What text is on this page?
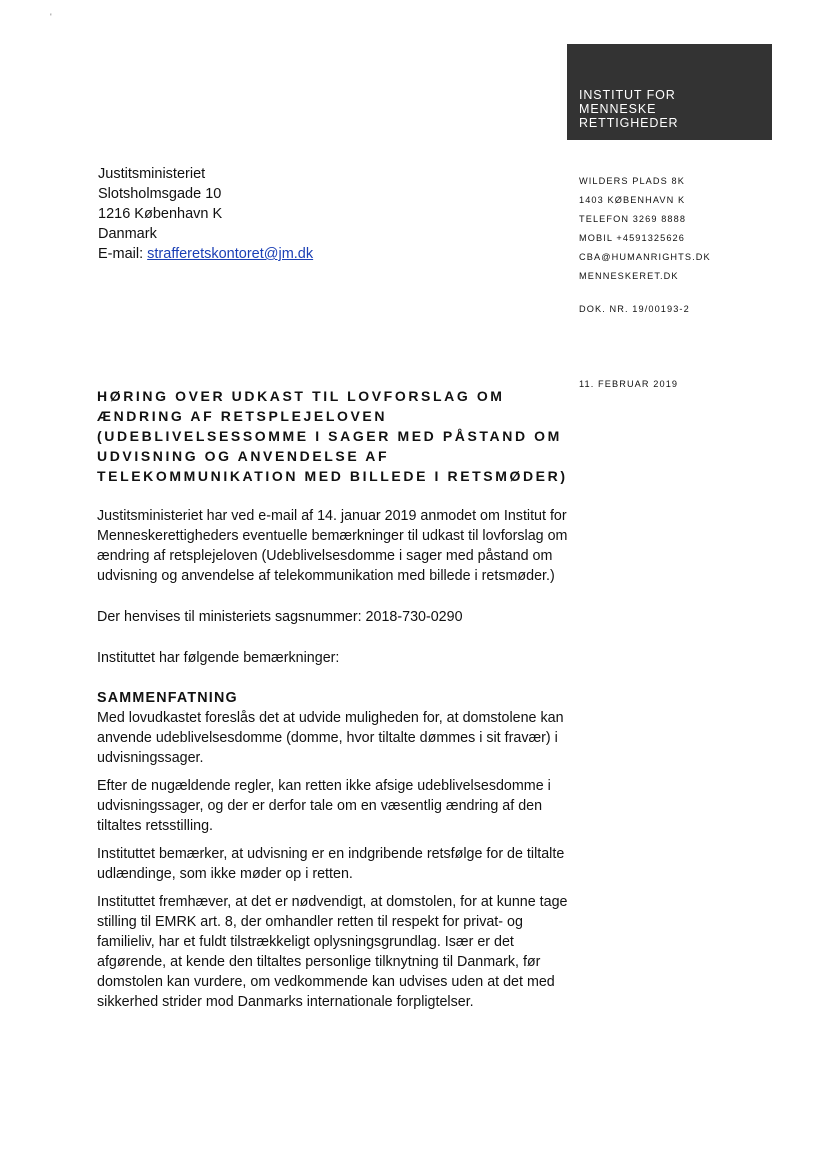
'
INSTITUT FOR
MENNESKE
RETTIGHEDER
Justitsministeriet
Slotsholmsgade 10
1216 København K
Danmark
E-mail: strafferetskontoret@jm.dk
WILDERS PLADS 8K
1403 KØBENHAVN K
TELEFON 3269 8888
MOBIL +4591325626
CBA@HUMANRIGHTS.DK
MENNESKERET.DK
DOK. NR. 19/00193-2
11. FEBRUAR 2019
HØRING OVER UDKAST TIL LOVFORSLAG OM
ÆNDRING AF RETSPLEJELOVEN
(UDEBLIVELSESSOMME I SAGER MED PÅSTAND OM
UDVISNING OG ANVENDELSE AF
TELEKOMMUNIKATION MED BILLEDE I RETSMØDER)

Justitsministeriet har ved e-mail af 14. januar 2019 anmodet om Institut for Menneskerettigheders eventuelle bemærkninger til udkast til lovforslag om ændring af retsplejeloven (Udeblivelsesdomme i sager med påstand om udvisning og anvendelse af telekommunikation med billede i retsmøder.)

Der henvises til ministeriets sagsnummer: 2018-730-0290

Instituttet har følgende bemærkninger:

SAMMENFATNING

Med lovudkastet foreslås det at udvide muligheden for, at domstolene kan anvende udeblivelsesdomme (domme, hvor tiltalte dømmes i sit fravær) i udvisningssager.

Efter de nugældende regler, kan retten ikke afsige udeblivelsesdomme i udvisningssager, og der er derfor tale om en væsentlig ændring af den tiltaltes retsstilling.

Instituttet bemærker, at udvisning er en indgribende retsfølge for de tiltalte udlændinge, som ikke møder op i retten.

Instituttet fremhæver, at det er nødvendigt, at domstolen, for at kunne tage stilling til EMRK art. 8, der omhandler retten til respekt for privat- og familieliv, har et fuldt tilstrækkeligt oplysningsgrundlag. Især er det afgørende, at kende den tiltaltes personlige tilknytning til Danmark, før domstolen kan vurdere, om vedkommende kan udvises uden at det med sikkerhed strider mod Danmarks internationale forpligtelser.
